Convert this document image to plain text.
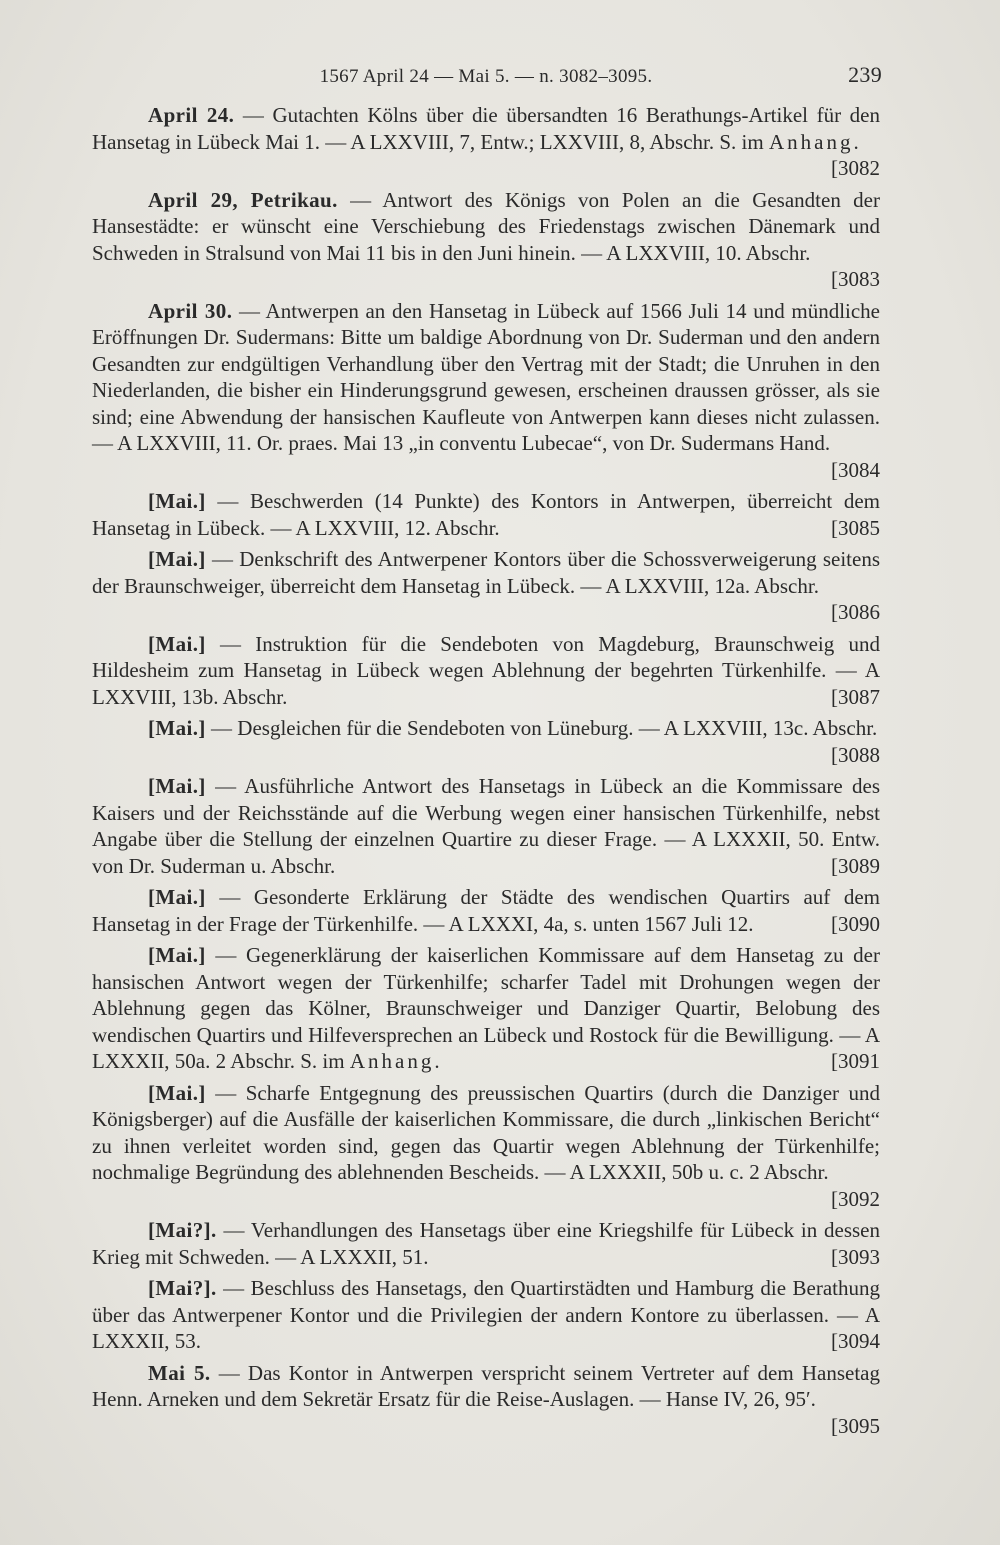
1567 April 24 — Mai 5. — n. 3082–3095.	239

April 24. — Gutachten Kölns über die übersandten 16 Berathungs-Artikel für den Hansetag in Lübeck Mai 1. — A LXXVIII, 7, Entw.; LXXVIII, 8, Abschr. S. im Anhang.
[3082

April 29, Petrikau. — Antwort des Königs von Polen an die Gesandten der Hansestädte: er wünscht eine Verschiebung des Friedenstags zwischen Dänemark und Schweden in Stralsund von Mai 11 bis in den Juni hinein. — A LXXVIII, 10. Abschr.
[3083

April 30. — Antwerpen an den Hansetag in Lübeck auf 1566 Juli 14 und mündliche Eröffnungen Dr. Sudermans: Bitte um baldige Abordnung von Dr. Suderman und den andern Gesandten zur endgültigen Verhandlung über den Vertrag mit der Stadt; die Unruhen in den Niederlanden, die bisher ein Hinderungsgrund gewesen, erscheinen draussen grösser, als sie sind; eine Abwendung der hansischen Kaufleute von Antwerpen kann dieses nicht zulassen. — A LXXVIII, 11. Or. praes. Mai 13 „in conventu Lubecae“, von Dr. Sudermans Hand.
[3084

[Mai.] — Beschwerden (14 Punkte) des Kontors in Antwerpen, überreicht dem Hansetag in Lübeck. — A LXXVIII, 12. Abschr.	[3085

[Mai.] — Denkschrift des Antwerpener Kontors über die Schossverweigerung seitens der Braunschweiger, überreicht dem Hansetag in Lübeck. — A LXXVIII, 12a. Abschr.
[3086

[Mai.] — Instruktion für die Sendeboten von Magdeburg, Braunschweig und Hildesheim zum Hansetag in Lübeck wegen Ablehnung der begehrten Türkenhilfe. — A LXXVIII, 13b. Abschr.	[3087

[Mai.] — Desgleichen für die Sendeboten von Lüneburg. — A LXXVIII, 13c. Abschr.
[3088

[Mai.] — Ausführliche Antwort des Hansetags in Lübeck an die Kommissare des Kaisers und der Reichsstände auf die Werbung wegen einer hansischen Türkenhilfe, nebst Angabe über die Stellung der einzelnen Quartire zu dieser Frage. — A LXXXII, 50. Entw. von Dr. Suderman u. Abschr.	[3089

[Mai.] — Gesonderte Erklärung der Städte des wendischen Quartirs auf dem Hansetag in der Frage der Türkenhilfe. — A LXXXI, 4a, s. unten 1567 Juli 12.	[3090

[Mai.] — Gegenerklärung der kaiserlichen Kommissare auf dem Hansetag zu der hansischen Antwort wegen der Türkenhilfe; scharfer Tadel mit Drohungen wegen der Ablehnung gegen das Kölner, Braunschweiger und Danziger Quartir, Belobung des wendischen Quartirs und Hilfeversprechen an Lübeck und Rostock für die Bewilligung. — A LXXXII, 50a. 2 Abschr. S. im Anhang.	[3091

[Mai.] — Scharfe Entgegnung des preussischen Quartirs (durch die Danziger und Königsberger) auf die Ausfälle der kaiserlichen Kommissare, die durch „linkischen Bericht“ zu ihnen verleitet worden sind, gegen das Quartir wegen Ablehnung der Türkenhilfe; nochmalige Begründung des ablehnenden Bescheids. — A LXXXII, 50b u. c. 2 Abschr.
[3092

[Mai?]. — Verhandlungen des Hansetags über eine Kriegshilfe für Lübeck in dessen Krieg mit Schweden. — A LXXXII, 51.	[3093

[Mai?]. — Beschluss des Hansetags, den Quartirstädten und Hamburg die Berathung über das Antwerpener Kontor und die Privilegien der andern Kontore zu überlassen. — A LXXXII, 53.	[3094

Mai 5. — Das Kontor in Antwerpen verspricht seinem Vertreter auf dem Hansetag Henn. Arneken und dem Sekretär Ersatz für die Reise-Auslagen. — Hanse IV, 26, 95′.
[3095
